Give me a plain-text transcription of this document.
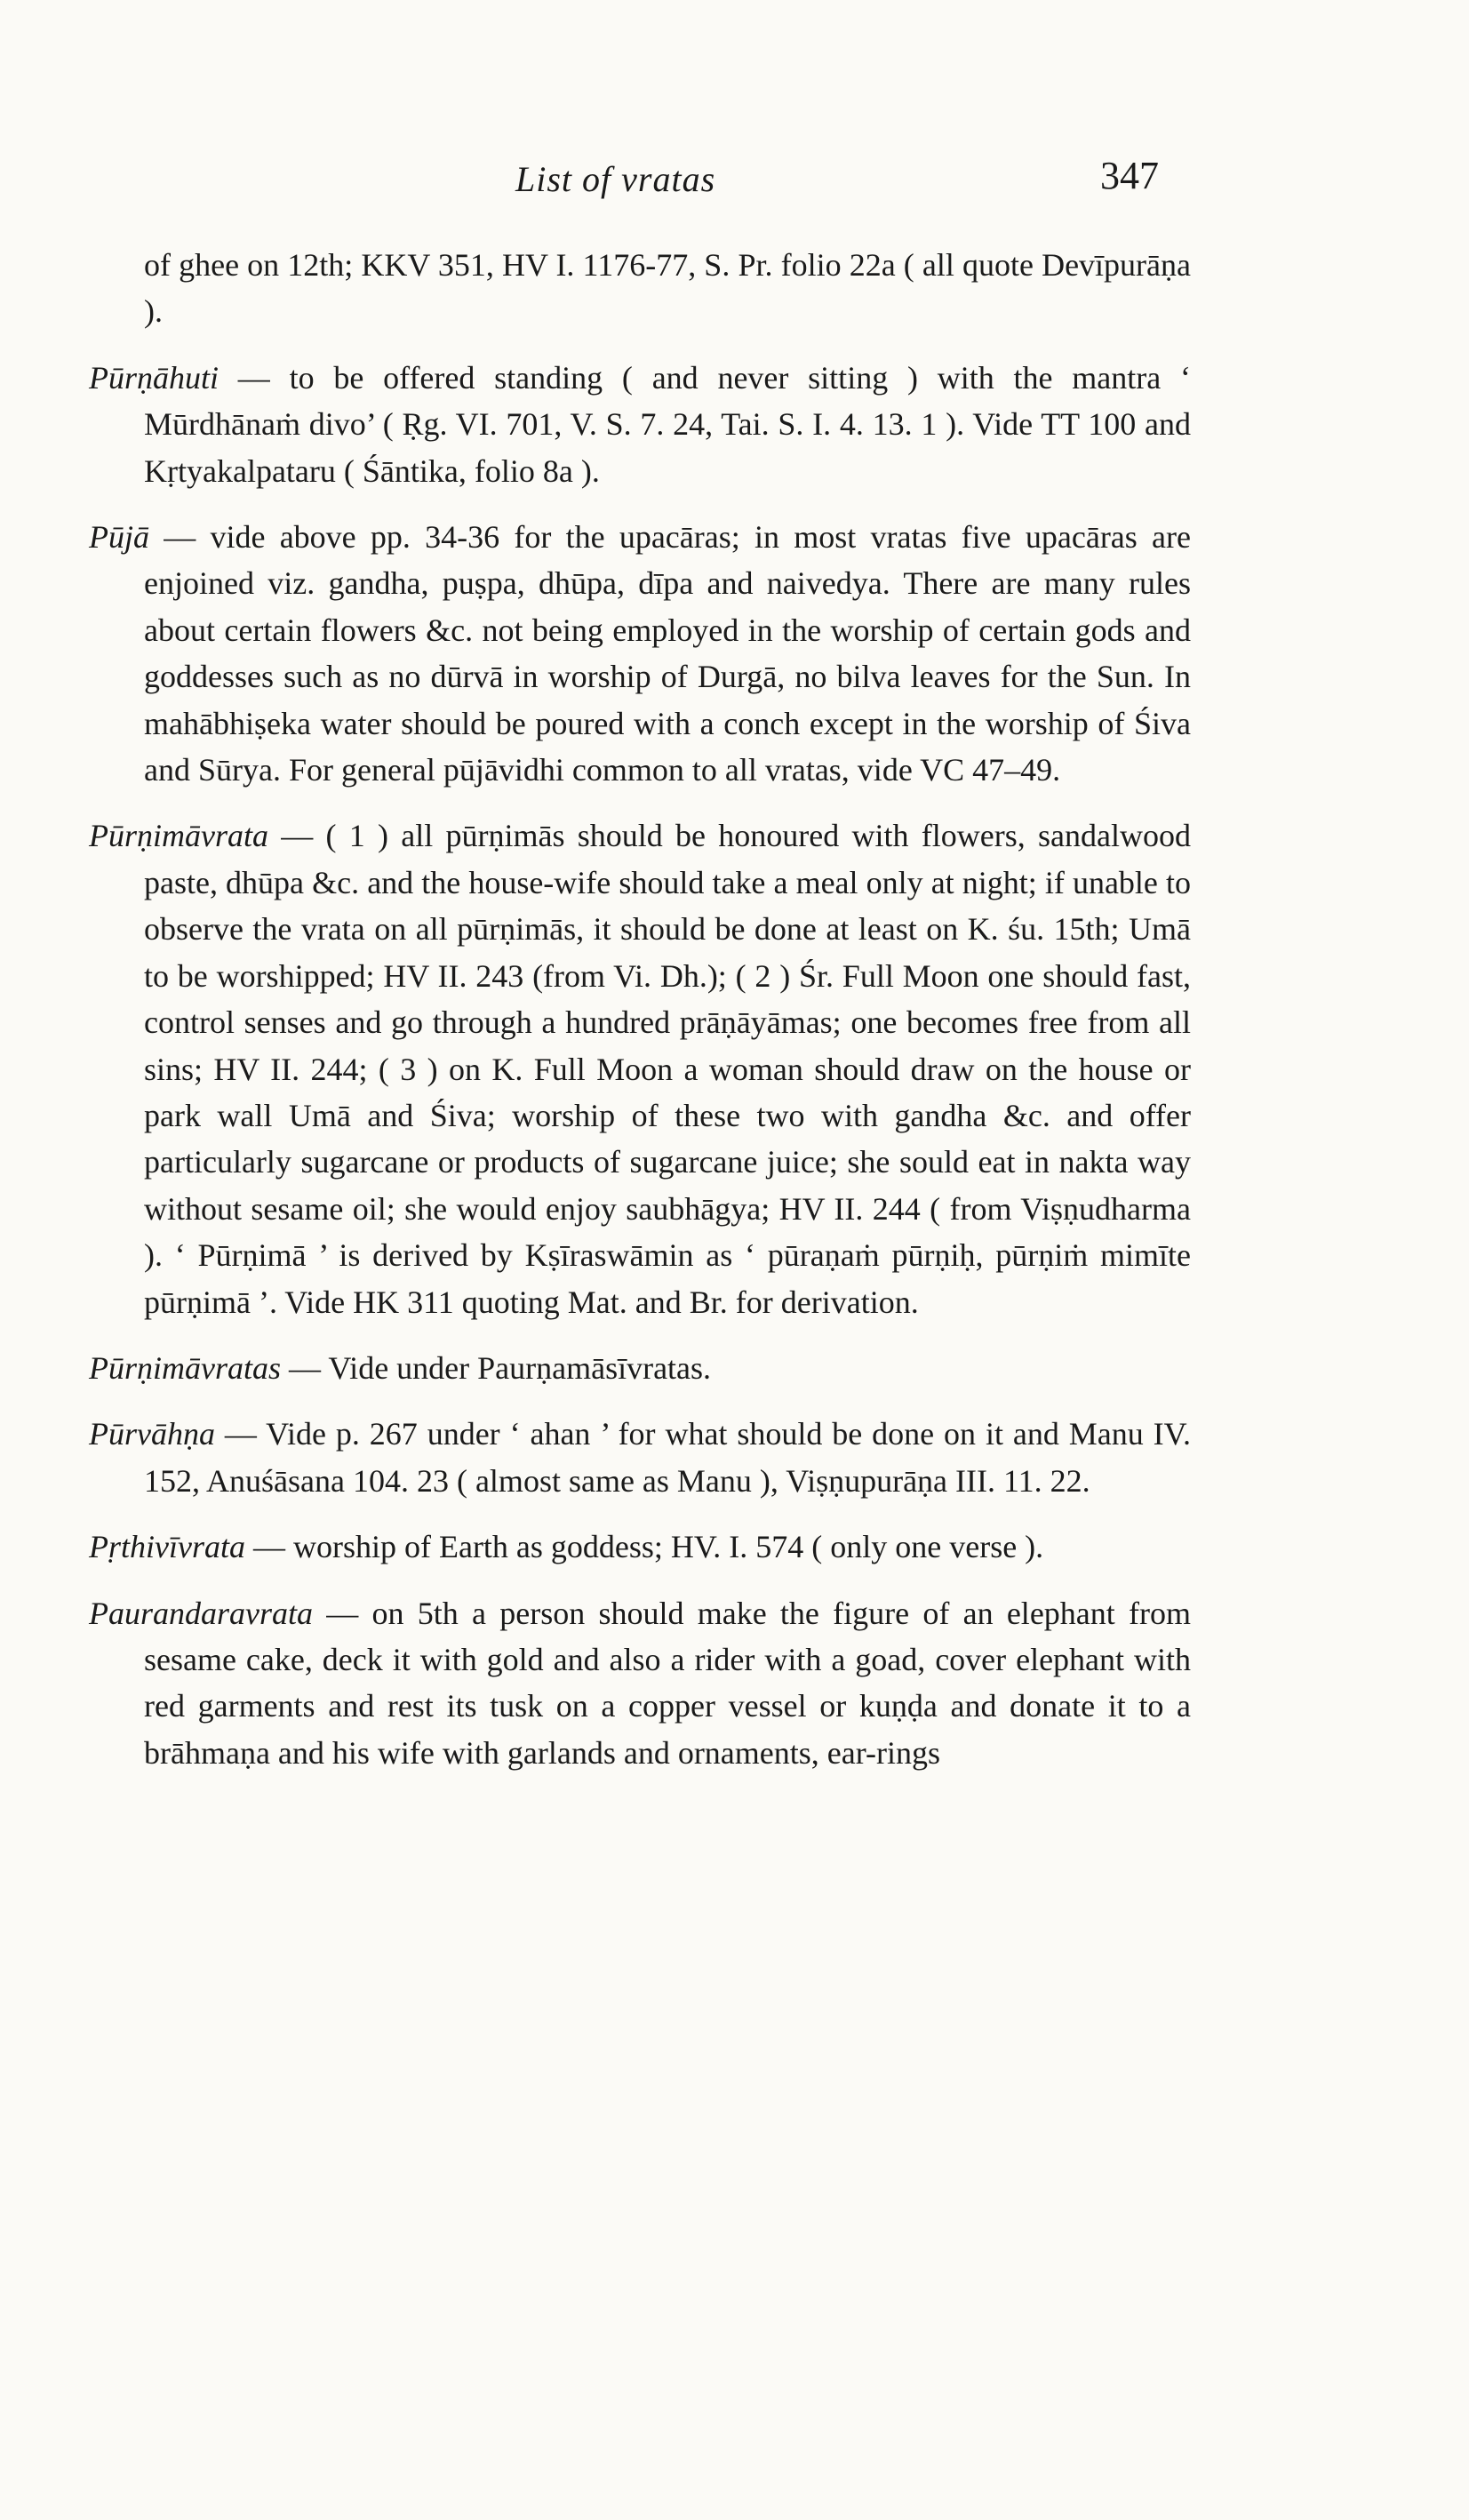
List of vratas	347

of ghee on 12th; KKV 351, HV I. 1176-77, S. Pr. folio 22a ( all quote Devīpurāṇa ).

Pūrṇāhuti — to be offered standing ( and never sitting ) with the mantra ‘ Mūrdhānaṁ divo’ ( Ṛg. VI. 701, V. S. 7. 24, Tai. S. I. 4. 13. 1 ). Vide TT 100 and Kṛtyakalpataru ( Śāntika, folio 8a ).

Pūjā — vide above pp. 34-36 for the upacāras; in most vratas five upacāras are enjoined viz. gandha, puṣpa, dhūpa, dīpa and naivedya. There are many rules about certain flowers &c. not being employed in the worship of certain gods and goddesses such as no dūrvā in worship of Durgā, no bilva leaves for the Sun. In mahābhiṣeka water should be poured with a conch except in the worship of Śiva and Sūrya. For general pūjāvidhi common to all vratas, vide VC 47–49.

Pūrṇimāvrata — ( 1 ) all pūrṇimās should be honoured with flowers, sandalwood paste, dhūpa &c. and the house-wife should take a meal only at night; if unable to observe the vrata on all pūrṇimās, it should be done at least on K. śu. 15th; Umā to be worshipped; HV II. 243 (from Vi. Dh.); ( 2 ) Śr. Full Moon one should fast, control senses and go through a hundred prāṇāyāmas; one becomes free from all sins; HV II. 244; ( 3 ) on K. Full Moon a woman should draw on the house or park wall Umā and Śiva; worship of these two with gandha &c. and offer particularly sugarcane or products of sugarcane juice; she sould eat in nakta way without sesame oil; she would enjoy saubhāgya; HV II. 244 ( from Viṣṇudharma ). ‘ Pūrṇimā ’ is derived by Kṣīraswāmin as ‘ pūraṇaṁ pūrṇiḥ, pūrṇiṁ mimīte pūrṇimā ’. Vide HK 311 quoting Mat. and Br. for derivation.

Pūrṇimāvratas — Vide under Paurṇamāsīvratas.

Pūrvāhṇa — Vide p. 267 under ‘ ahan ’ for what should be done on it and Manu IV. 152, Anuśāsana 104. 23 ( almost same as Manu ), Viṣṇupurāṇa III. 11. 22.

Pṛthivīvrata — worship of Earth as goddess; HV. I. 574 ( only one verse ).

Paurandaravrata — on 5th a person should make the figure of an elephant from sesame cake, deck it with gold and also a rider with a goad, cover elephant with red garments and rest its tusk on a copper vessel or kuṇḍa and donate it to a brāhmaṇa and his wife with garlands and ornaments, ear-rings
